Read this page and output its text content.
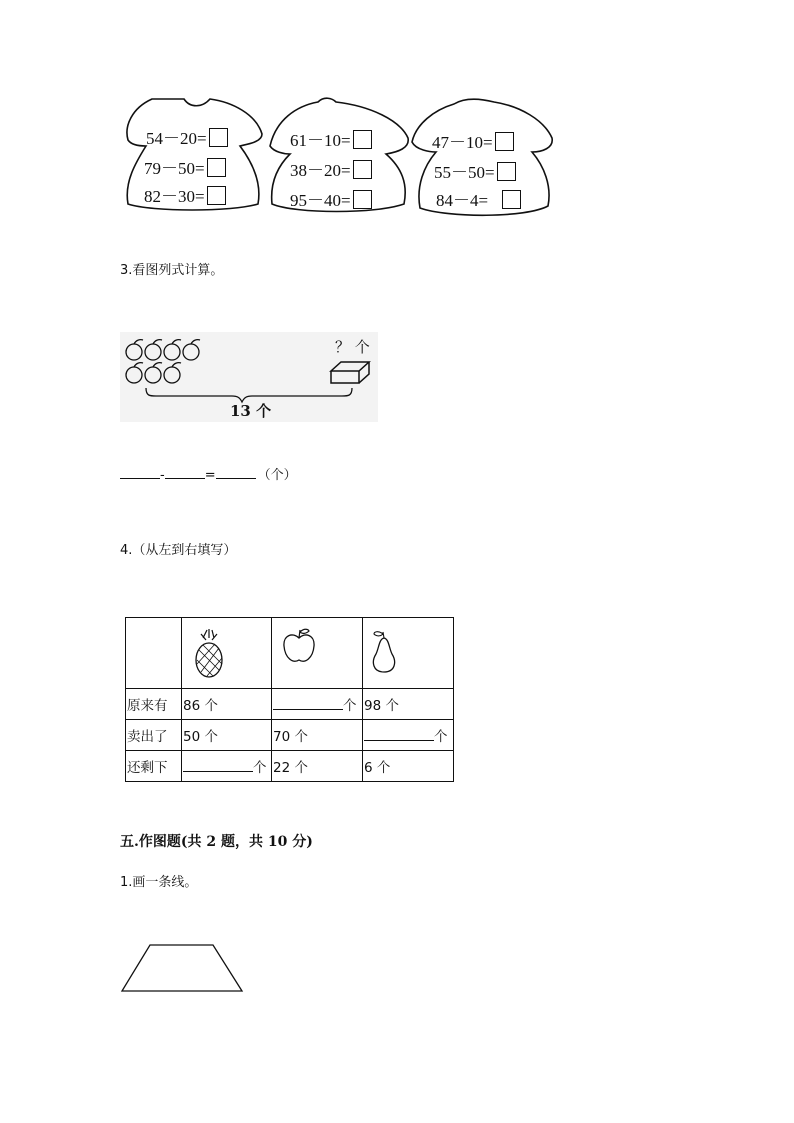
54－20=
79－50=
82－30=
61－10=
38－20=
95－40=
47－10=
55－50=
84－4=
3.看图列式计算。
？ 个
13 个
-	=	（个）
4.（从左到右填写）

原来有	86 个	个	98 个
卖出了	50 个	70 个	个
还剩下	个	22 个	6 个
五.作图题(共 2 题，共 10 分)
1.画一条线。
